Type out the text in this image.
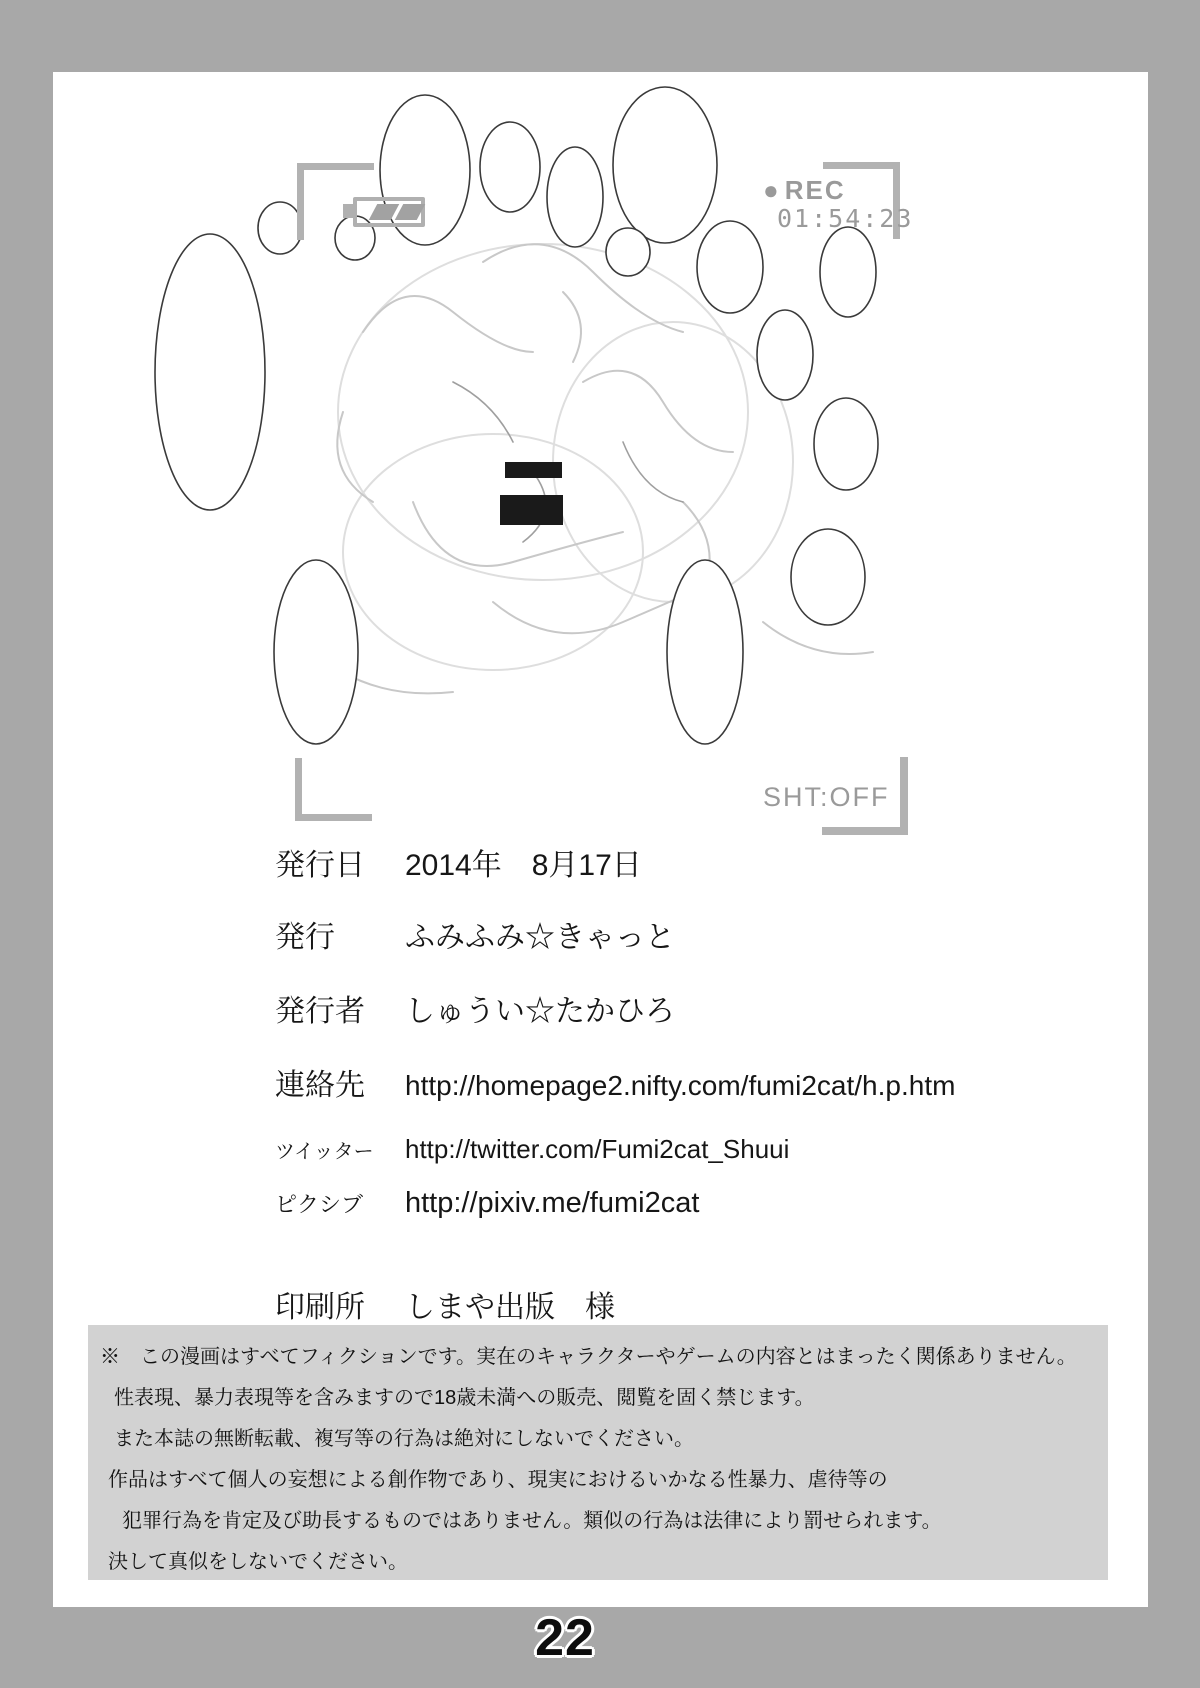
● REC
01:54:23
SHT:OFF
発行日	2014年　8月17日
発行	ふみふみ☆きゃっと
発行者	しゅうい☆たかひろ
連絡先	http://homepage2.nifty.com/fumi2cat/h.p.htm
ツイッター	http://twitter.com/Fumi2cat_Shuui
ピクシブ	http://pixiv.me/fumi2cat
印刷所	しまや出版　様
※　この漫画はすべてフィクションです。実在のキャラクターやゲームの内容とはまったく関係ありません。
性表現、暴力表現等を含みますので18歳未満への販売、閲覧を固く禁じます。
また本誌の無断転載、複写等の行為は絶対にしないでください。
作品はすべて個人の妄想による創作物であり、現実におけるいかなる性暴力、虐待等の
犯罪行為を肯定及び助長するものではありません。類似の行為は法律により罰せられます。
決して真似をしないでください。
22
